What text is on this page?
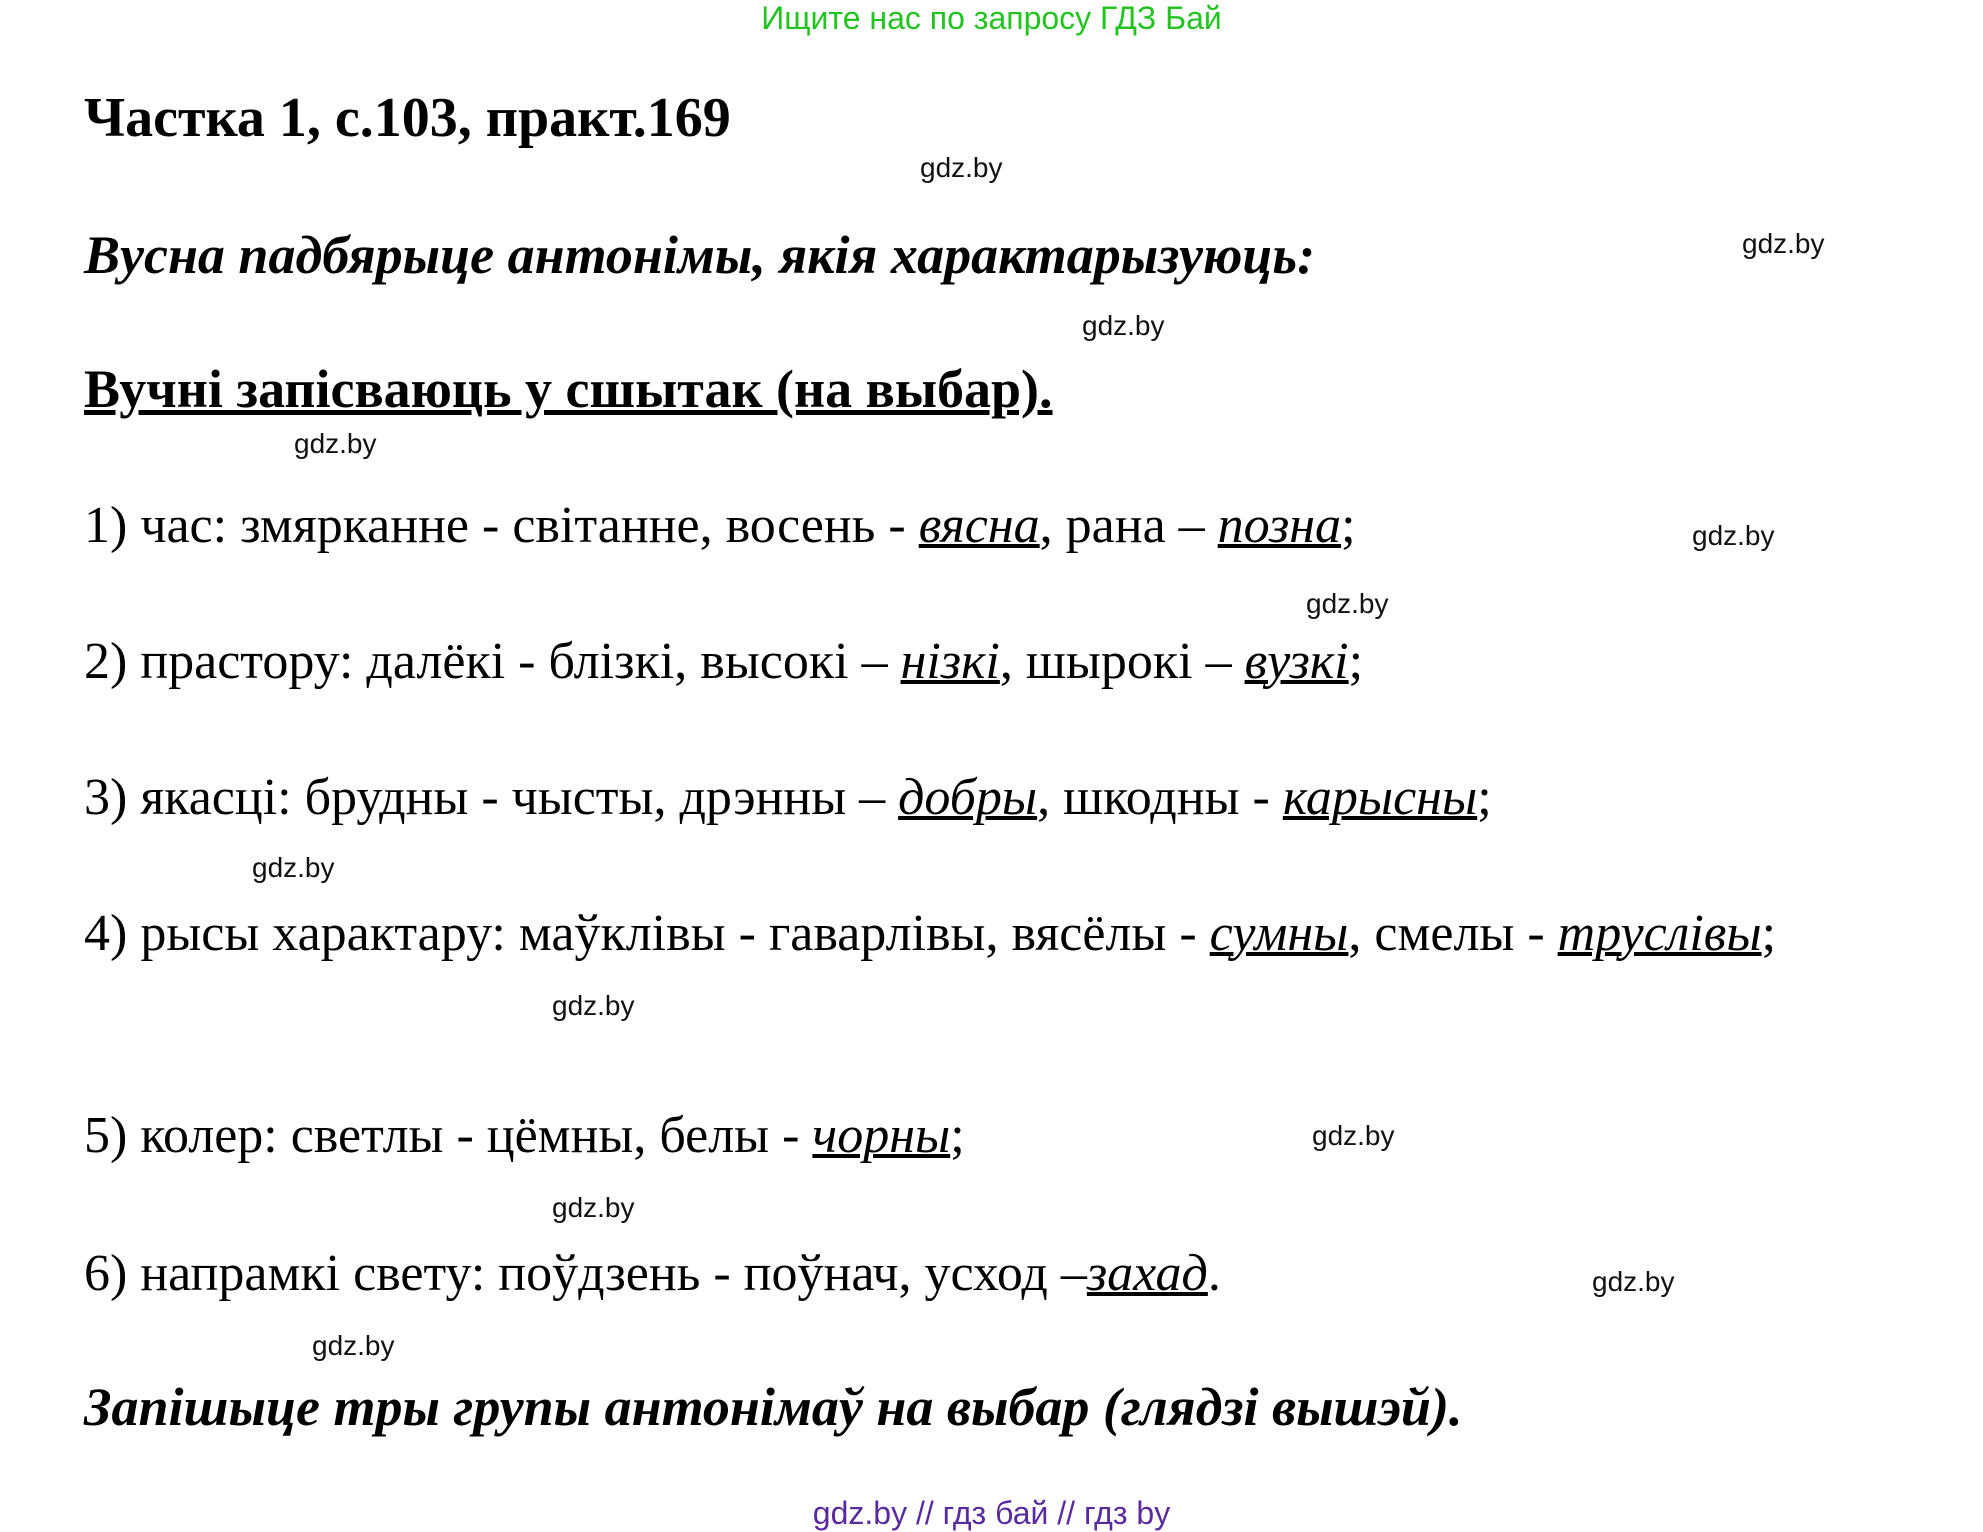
Ищите нас по запросу ГДЗ Бай
Частка 1, с.103, практ.169
Вусна падбярыце антонімы, якія характарызуюць:
Вучні запісваюць у сшытак (на выбар).
1) час: змярканне - світанне, восень - вясна, рана – позна;
2) прастору: далёкі - блізкі, высокі – нізкі, шырокі – вузкі;
3) якасці: брудны - чысты, дрэнны – добры, шкодны - карысны;
4) рысы характару: маўклівы - гаварлівы, вясёлы - сумны, смелы - труслівы;
5) колер: светлы - цёмны, белы - чорны;
6) напрамкі свету: поўдзень - поўнач, усход –захад.
Запішыце тры групы антонімаў на выбар (глядзі вышэй).
gdz.by
gdz.by
gdz.by
gdz.by
gdz.by
gdz.by
gdz.by
gdz.by
gdz.by
gdz.by
gdz.by
gdz.by
gdz.by // гдз бай // гдз by
